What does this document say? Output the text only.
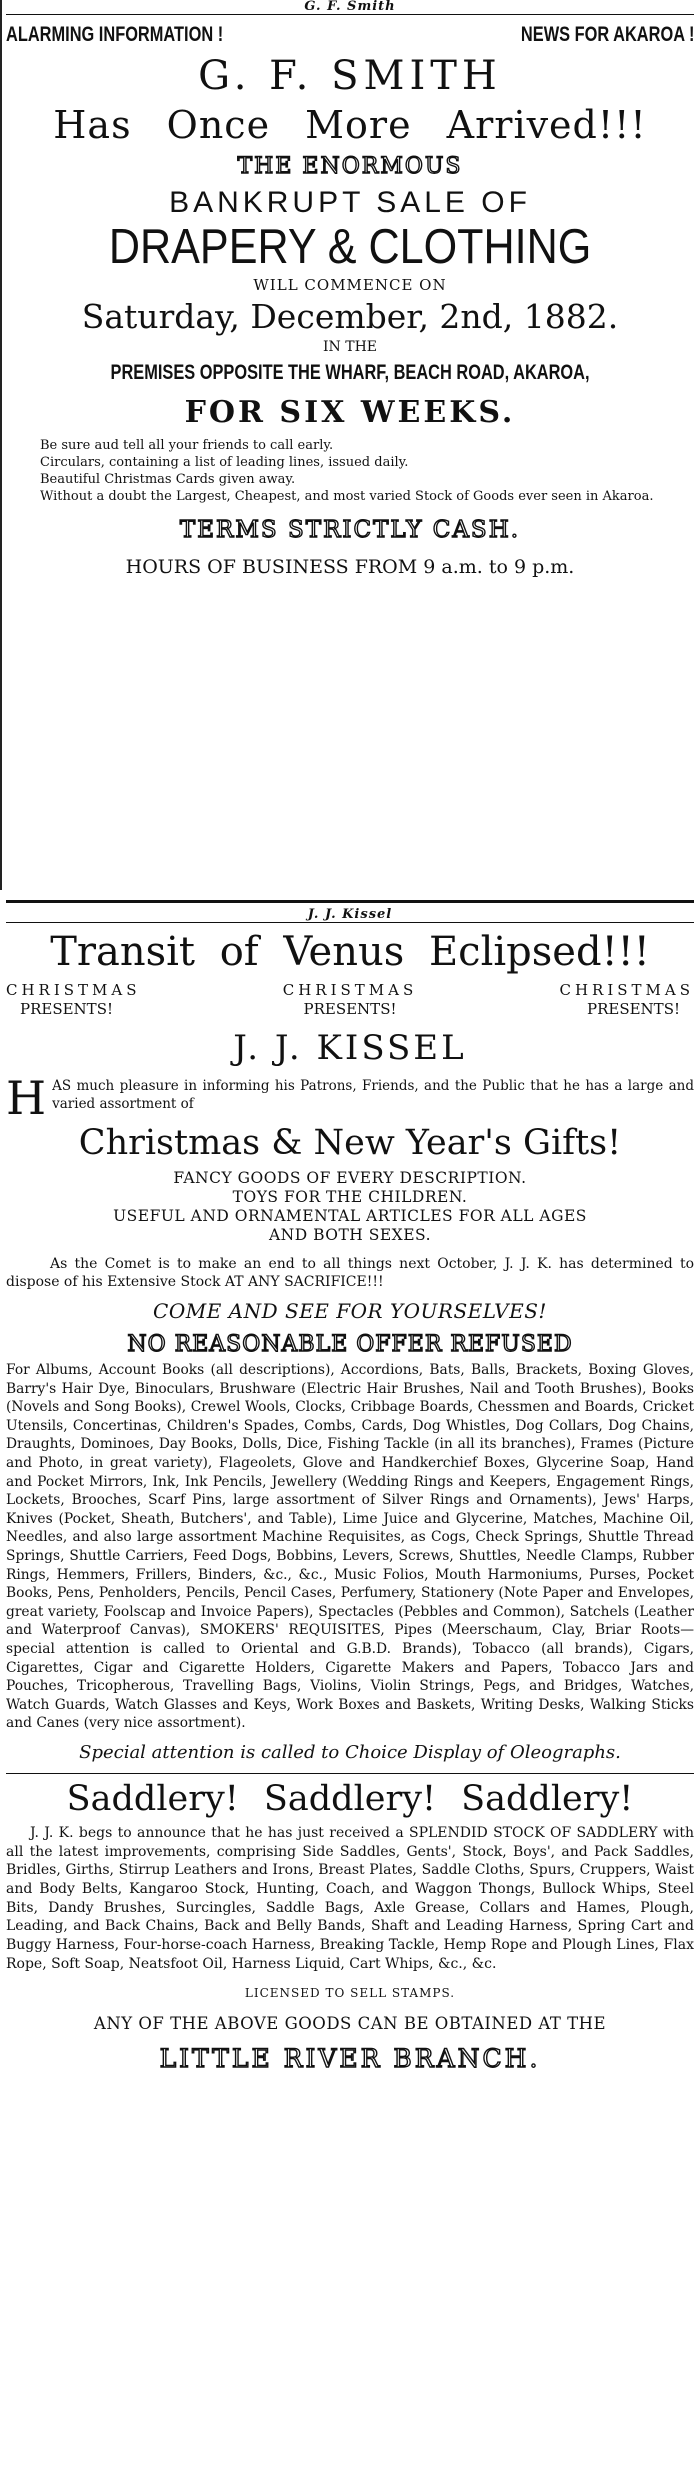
G. F. Smith
ALARMING INFORMATION !	NEWS FOR AKAROA !
G. F. SMITH
Has Once More Arrived!!!
THE ENORMOUS
BANKRUPT SALE OF
DRAPERY & CLOTHING
WILL COMMENCE ON
Saturday, December, 2nd, 1882.
IN THE
PREMISES OPPOSITE THE WHARF, BEACH ROAD, AKAROA,
FOR SIX WEEKS.
Be sure aud tell all your friends to call early.
Circulars, containing a list of leading lines, issued daily.
Beautiful Christmas Cards given away.
Without a doubt the Largest, Cheapest, and most varied Stock of Goods ever seen in Akaroa.
TERMS STRICTLY CASH.
HOURS OF BUSINESS FROM 9 a.m. to 9 p.m.
J. J. Kissel
Transit of Venus Eclipsed!!!
CHRISTMAS	CHRISTMAS	CHRISTMAS
PRESENTS!	PRESENTS!	PRESENTS!
J. J. KISSEL
HAS much pleasure in informing his Patrons, Friends, and the Public that he has a large and varied assortment of
Christmas & New Year's Gifts!
FANCY GOODS OF EVERY DESCRIPTION.
TOYS FOR THE CHILDREN.
USEFUL AND ORNAMENTAL ARTICLES FOR ALL AGES
AND BOTH SEXES.
As the Comet is to make an end to all things next October, J. J. K. has determined to dispose of his Extensive Stock AT ANY SACRIFICE!!!
COME AND SEE FOR YOURSELVES!
NO REASONABLE OFFER REFUSED
For Albums, Account Books (all descriptions), Accordions, Bats, Balls, Brackets, Boxing Gloves, Barry's Hair Dye, Binoculars, Brushware (Electric Hair Brushes, Nail and Tooth Brushes), Books (Novels and Song Books), Crewel Wools, Clocks, Cribbage Boards, Chessmen and Boards, Cricket Utensils, Concertinas, Children's Spades, Combs, Cards, Dog Whistles, Dog Collars, Dog Chains, Draughts, Dominoes, Day Books, Dolls, Dice, Fishing Tackle (in all its branches), Frames (Picture and Photo, in great variety), Flageolets, Glove and Handkerchief Boxes, Glycerine Soap, Hand and Pocket Mirrors, Ink, Ink Pencils, Jewellery (Wedding Rings and Keepers, Engagement Rings, Lockets, Brooches, Scarf Pins, large assortment of Silver Rings and Ornaments), Jews' Harps, Knives (Pocket, Sheath, Butchers', and Table), Lime Juice and Glycerine, Matches, Machine Oil, Needles, and also large assortment Machine Requisites, as Cogs, Check Springs, Shuttle Thread Springs, Shuttle Carriers, Feed Dogs, Bobbins, Levers, Screws, Shuttles, Needle Clamps, Rubber Rings, Hemmers, Frillers, Binders, &c., &c., Music Folios, Mouth Harmoniums, Purses, Pocket Books, Pens, Penholders, Pencils, Pencil Cases, Perfumery, Stationery (Note Paper and Envelopes, great variety, Foolscap and Invoice Papers), Spectacles (Pebbles and Common), Satchels (Leather and Waterproof Canvas), SMOKERS' REQUISITES, Pipes (Meerschaum, Clay, Briar Roots—special attention is called to Oriental and G.B.D. Brands), Tobacco (all brands), Cigars, Cigarettes, Cigar and Cigarette Holders, Cigarette Makers and Papers, Tobacco Jars and Pouches, Tricopherous, Travelling Bags, Violins, Violin Strings, Pegs, and Bridges, Watches, Watch Guards, Watch Glasses and Keys, Work Boxes and Baskets, Writing Desks, Walking Sticks and Canes (very nice assortment).
Special attention is called to Choice Display of Oleographs.
Saddlery! Saddlery! Saddlery!
J. J. K. begs to announce that he has just received a SPLENDID STOCK OF SADDLERY with all the latest improvements, comprising Side Saddles, Gents', Stock, Boys', and Pack Saddles, Bridles, Girths, Stirrup Leathers and Irons, Breast Plates, Saddle Cloths, Spurs, Cruppers, Waist and Body Belts, Kangaroo Stock, Hunting, Coach, and Waggon Thongs, Bullock Whips, Steel Bits, Dandy Brushes, Surcingles, Saddle Bags, Axle Grease, Collars and Hames, Plough, Leading, and Back Chains, Back and Belly Bands, Shaft and Leading Harness, Spring Cart and Buggy Harness, Four-horse-coach Harness, Breaking Tackle, Hemp Rope and Plough Lines, Flax Rope, Soft Soap, Neatsfoot Oil, Harness Liquid, Cart Whips, &c., &c.
LICENSED TO SELL STAMPS.
ANY OF THE ABOVE GOODS CAN BE OBTAINED AT THE
LITTLE RIVER BRANCH.
